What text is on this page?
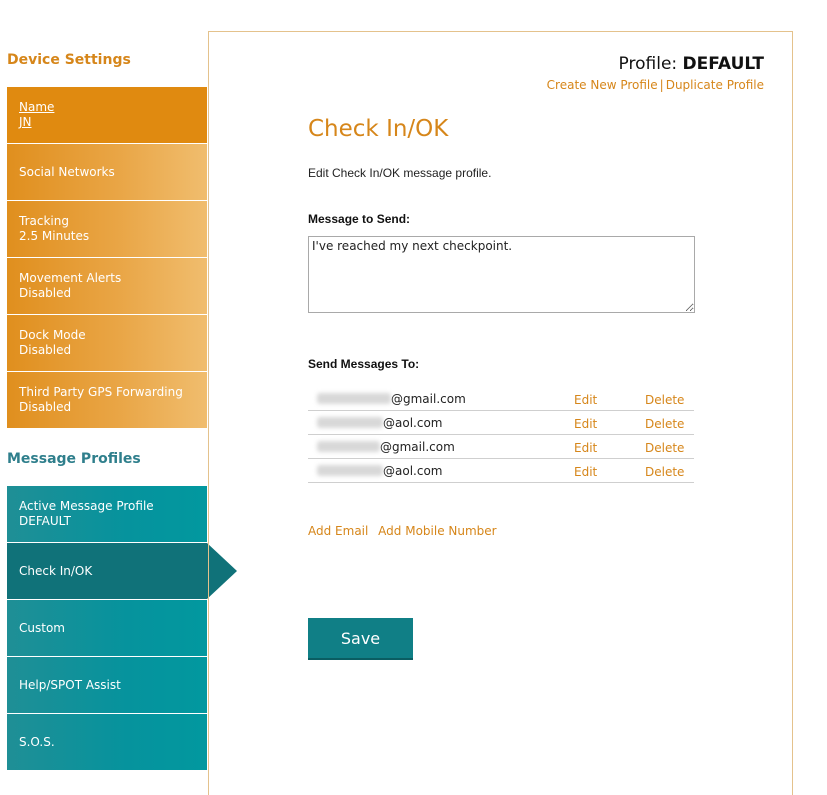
Device Settings
Name
JN
Social Networks
Tracking
2.5 Minutes
Movement Alerts
Disabled
Dock Mode
Disabled
Third Party GPS Forwarding
Disabled
Message Profiles
Active Message Profile
DEFAULT
Check In/OK
Custom
Help/SPOT Assist
S.O.S.
Profile: DEFAULT
Create New Profile | Duplicate Profile
Check In/OK
Edit Check In/OK message profile.
Message to Send:
I've reached my next checkpoint.
Send Messages To:
@gmail.com	Edit	Delete
@aol.com	Edit	Delete
@gmail.com	Edit	Delete
@aol.com	Edit	Delete
Add Email Add Mobile Number
Save
